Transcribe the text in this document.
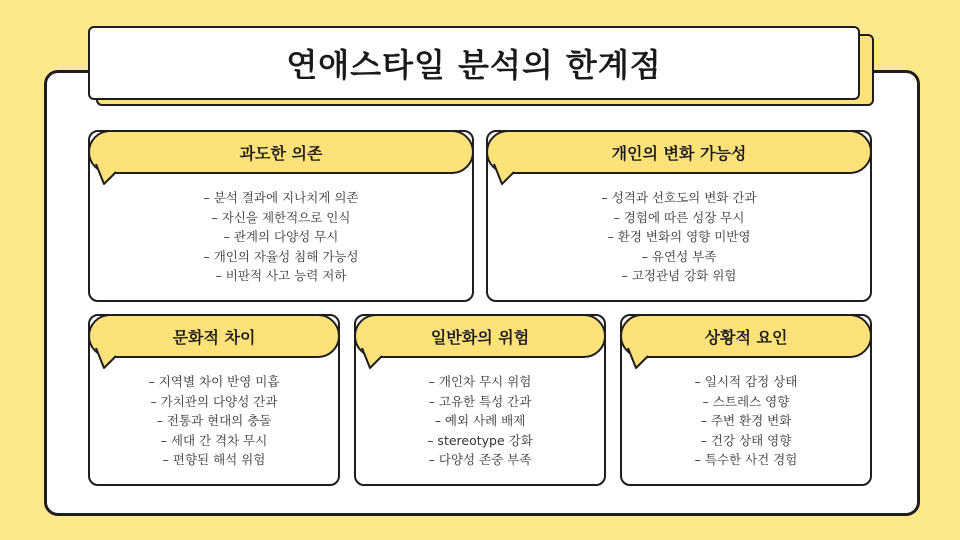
연애스타일 분석의 한계점
과도한 의존
– 분석 결과에 지나치게 의존
– 자신을 제한적으로 인식
– 관계의 다양성 무시
– 개인의 자율성 침해 가능성
– 비판적 사고 능력 저하
개인의 변화 가능성
– 성격과 선호도의 변화 간과
– 경험에 따른 성장 무시
– 환경 변화의 영향 미반영
– 유연성 부족
– 고정관념 강화 위험
문화적 차이
– 지역별 차이 반영 미흡
– 가치관의 다양성 간과
– 전통과 현대의 충돌
– 세대 간 격차 무시
– 편향된 해석 위험
일반화의 위험
– 개인차 무시 위험
– 고유한 특성 간과
– 예외 사례 배제
– stereotype 강화
– 다양성 존중 부족
상황적 요인
– 일시적 감정 상태
– 스트레스 영향
– 주변 환경 변화
– 건강 상태 영향
– 특수한 사건 경험
